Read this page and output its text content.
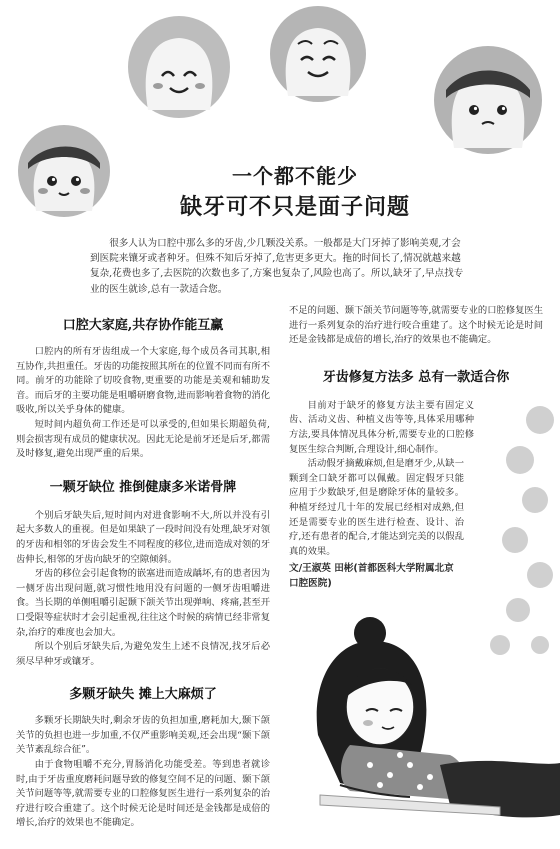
一个都不能少
缺牙可不只是面子问题

很多人认为口腔中那么多的牙齿,少几颗没关系。一般都是大门牙掉了影响美观,才会到医院来镶牙或者种牙。但殊不知后牙掉了,危害更多更大。拖的时间长了,情况就越来越复杂,花费也多了,去医院的次数也多了,方案也复杂了,风险也高了。所以,缺牙了,早点找专业的医生就诊,总有一款适合您。

口腔大家庭,共存协作能互赢

口腔内的所有牙齿组成一个大家庭,每个成员各司其职,相互协作,共担重任。牙齿的功能按照其所在的位置不同而有所不同。前牙的功能除了切咬食物,更重要的功能是美观和辅助发音。而后牙的主要功能是咀嚼研磨食物,进而影响着食物的消化吸收,所以关乎身体的健康。

短时间内超负荷工作还是可以承受的,但如果长期超负荷,则会损害现有成员的健康状况。因此无论是前牙还是后牙,都需及时修复,避免出现严重的后果。

一颗牙缺位 推倒健康多米诺骨牌

个别后牙缺失后,短时间内对进食影响不大,所以并没有引起大多数人的重视。但是如果缺了一段时间没有处理,缺牙对领的牙齿和相邻的牙齿会发生不同程度的移位,进而造成对领的牙齿伸长,相邻的牙齿向缺牙的空隙倾斜。

牙齿的移位会引起食物的嵌塞进而造成龋坏,有的患者因为一侧牙齿出现问题,就习惯性地用没有问题的一侧牙齿咀嚼进食。当长期的单侧咀嚼引起颞下颌关节出现弹响、疼痛,甚至开口受限等症状时才会引起重视,往往这个时候的病情已经非常复杂,治疗的难度也会加大。

所以个别后牙缺失后,为避免发生上述不良情况,找牙后必须尽早种牙或镶牙。

多颗牙缺失 摊上大麻烦了

多颗牙长期缺失时,剩余牙齿的负担加重,磨耗加大,颞下颌关节的负担也进一步加重,不仅严重影响美观,还会出现“颞下颌关节紊乱综合征”。

由于食物咀嚼不充分,胃肠消化功能受差。等到患者就诊时,由于牙齿重度磨耗问题导致的修复空间不足的问题、颞下颌关节问题等等,就需要专业的口腔修复医生进行一系列复杂的治疗进行咬合重建了。这个时候无论是时间还是金钱都是成倍的增长,治疗的效果也不能确定。

不足的问题、颞下颌关节问题等等,就需要专业的口腔修复医生进行一系列复杂的治疗进行咬合重建了。这个时候无论是时间还是金钱都是成倍的增长,治疗的效果也不能确定。

牙齿修复方法多 总有一款适合你

目前对于缺牙的修复方法主要有固定义齿、活动义齿、种植义齿等等,具体采用哪种方法,要具体情况具体分析,需要专业的口腔修复医生综合判断,合理设计,细心制作。

活动假牙摘戴麻烦,但是磨牙少,从缺一颗到全口缺牙都可以佩戴。固定假牙只能应用于少数缺牙,但是磨除牙体的量较多。种植牙经过几十年的发展已经相对成熟,但还是需要专业的医生进行检查、设计、治疗,还有患者的配合,才能达到完美的以假乱真的效果。

文/王淑英 田彬(首都医科大学附属北京口腔医院)
